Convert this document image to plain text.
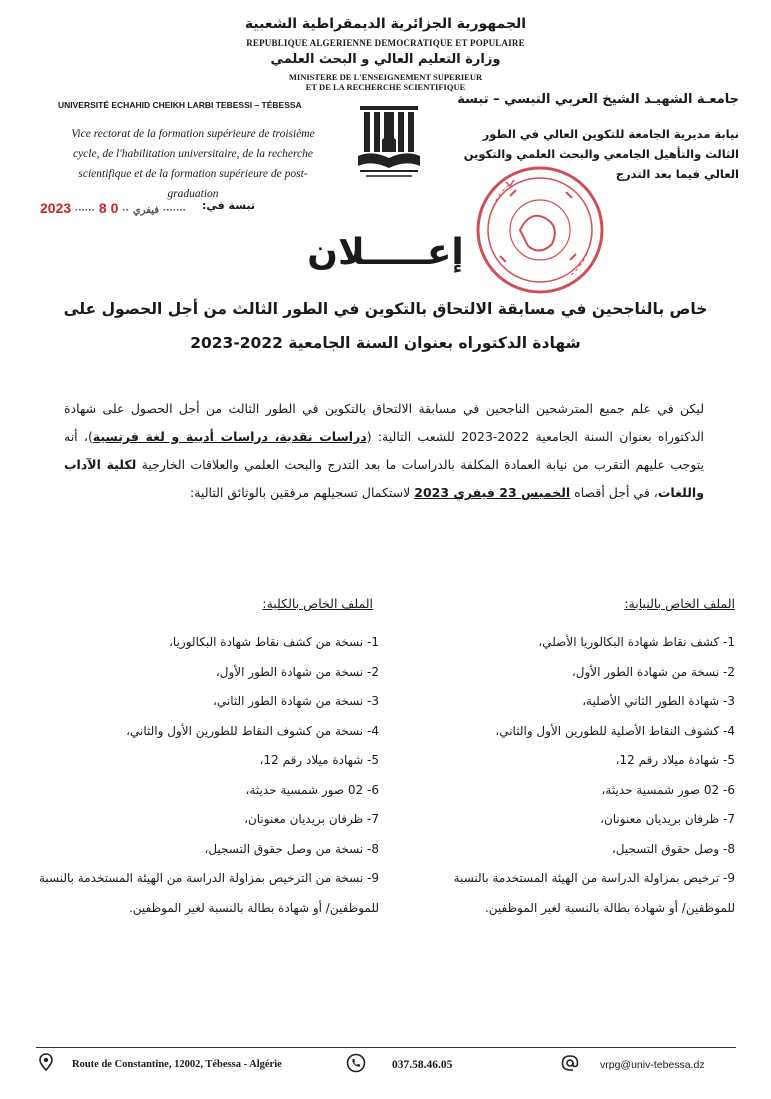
الجمهورية الجزائرية الديمقراطية الشعبية
REPUBLIQUE ALGERIENNE DEMOCRATIQUE ET POPULAIRE
وزارة التعليم العالي و البحث العلمي
MINISTERE DE L'ENSEIGNEMENT SUPERIEUR
ET DE LA RECHERCHE SCIENTIFIQUE
UNIVERSITÉ ECHAHID CHEIKH LARBI TEBESSI – TÉBESSA	جامعـة الشهيـد الشيخ العربي التبسي – تبسة
Vice rectorat de la formation supérieure de troisième cycle, de l'habilitation universitaire, de la recherche scientifique et de la formation supérieure de post-graduation
نيابة مديرية الجامعة للتكوين العالي في الطور الثالث والتأهيل الجامعي والبحث العلمي والتكوين العالي فيما بعد التدرج
تبسة في:
2023 ······	فيفري ·· 0 8	·······
إعـــــلان
خاص بالناجحين في مسابقة الالتحاق بالتكوين في الطور الثالث من أجل الحصول على
شهادة الدكتوراه بعنوان السنة الجامعية 2022-2023
ليكن في علم جميع المترشحين الناجحين في مسابقة الالتحاق بالتكوين في الطور الثالث من أجل الحصول على شهادة الدكتوراه بعنوان السنة الجامعية 2022-2023 للشعب التالية: (دراسات نقدية، دراسات أدبية و لغة فرنسية)، أنه يتوجب عليهم التقرب من نيابة العمادة المكلفة بالدراسات ما بعد التدرج والبحث العلمي والعلاقات الخارجية لكلية الآداب واللغات، في أجل أقصاه الخميس 23 فيفري 2023 لاستكمال تسجيلهم مرفقين بالوثائق التالية:
الملف الخاص بالنيابة:
الملف الخاص بالكلية:
1- كشف نقاط شهادة البكالوريا الأصلي،
2- نسخة من شهادة الطور الأول،
3- شهادة الطور الثاني الأصلية،
4- كشوف النقاط الأصلية للطورين الأول والثاني،
5- شهادة ميلاد رقم 12،
6- 02 صور شمسية حديثة،
7- ظرفان بريديان معنونان،
8- وصل حقوق التسجيل،
9- ترخيص بمزاولة الدراسة من الهيئة المستخدمة بالنسبة للموظفين/ أو شهادة بطالة بالنسبة لغير الموظفين.
1- نسخة من كشف نقاط شهادة البكالوريا،
2- نسخة من شهادة الطور الأول،
3- نسخة من شهادة الطور الثاني،
4- نسخة من كشوف النقاط للطورين الأول والثاني،
5- شهادة ميلاد رقم 12،
6- 02 صور شمسية حديثة،
7- ظرفان بريديان معنونان،
8- نسخة من وصل حقوق التسجيل،
9- نسخة من الترخيص بمزاولة الدراسة من الهيئة المستخدمة بالنسبة للموظفين/ أو شهادة بطالة بالنسبة لغير الموظفين.
Route de Constantine, 12002, Tébessa - Algérie	037.58.46.05	vrpg@univ-tebessa.dz
